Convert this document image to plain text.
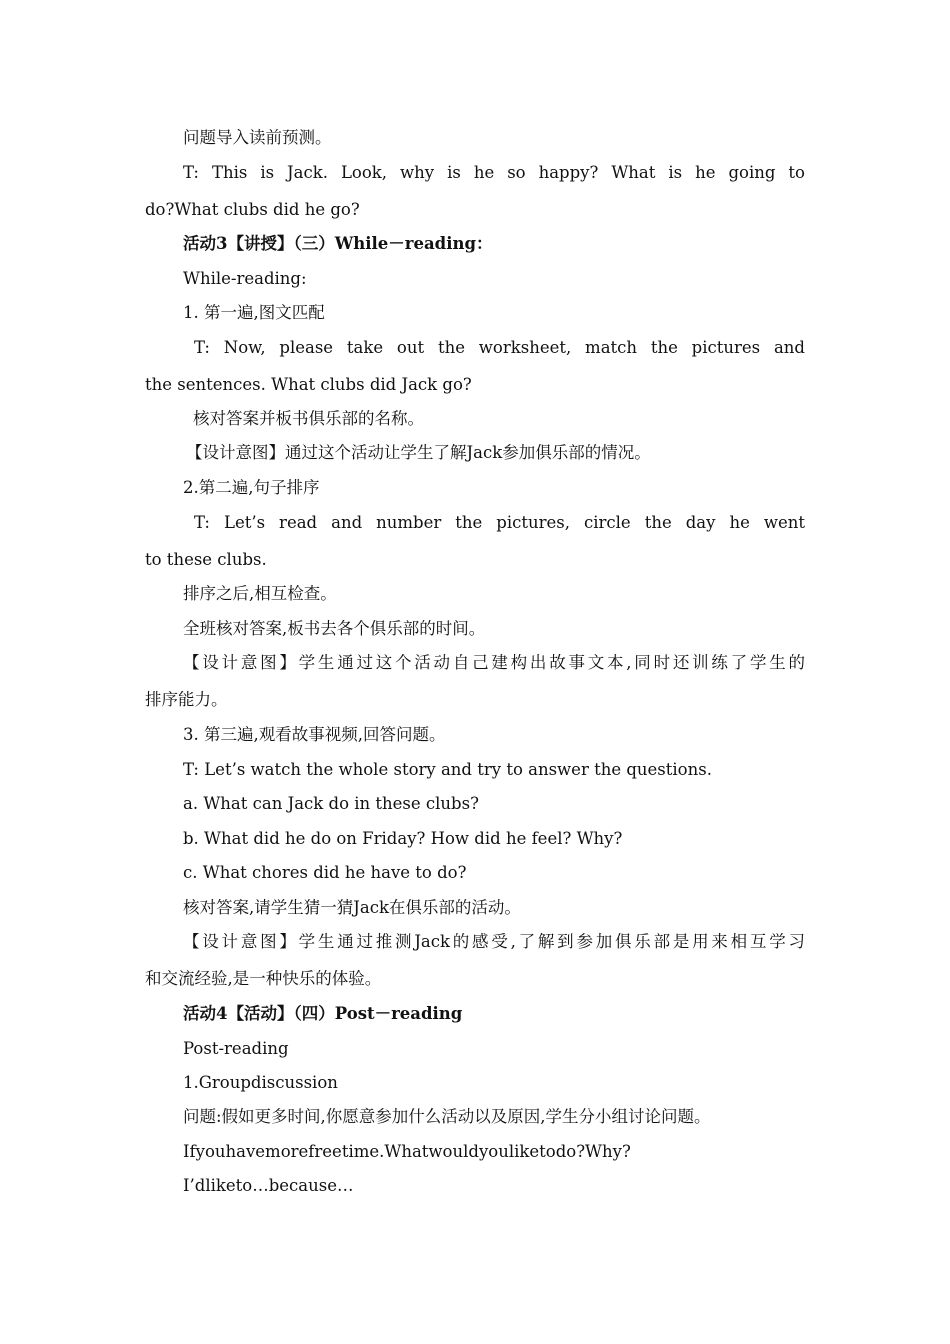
问题导入读前预测。
T: This is Jack. Look, why is he so happy? What is he going to
do?What clubs did he go?
活动3【讲授】（三）While－reading：
While-reading:
1. 第一遍,图文匹配
T: Now, please take out the worksheet, match the pictures and
the sentences. What clubs did Jack go?
核对答案并板书俱乐部的名称。
【设计意图】通过这个活动让学生了解Jack参加俱乐部的情况。
2.第二遍,句子排序
T: Let’s read and number the pictures, circle the day he went
to these clubs.
排序之后,相互检查。
全班核对答案,板书去各个俱乐部的时间。
【设计意图】学生通过这个活动自己建构出故事文本,同时还训练了学生的
排序能力。
3. 第三遍,观看故事视频,回答问题。
T: Let’s watch the whole story and try to answer the questions.
a. What can Jack do in these clubs?
b. What did he do on Friday? How did he feel? Why?
c. What chores did he have to do?
核对答案,请学生猜一猜Jack在俱乐部的活动。
【设计意图】学生通过推测Jack的感受,了解到参加俱乐部是用来相互学习
和交流经验,是一种快乐的体验。
活动4【活动】（四）Post－reading
Post-reading
1.Groupdiscussion
问题:假如更多时间,你愿意参加什么活动以及原因,学生分小组讨论问题。
Ifyouhavemorefreetime.Whatwouldyouliketodo?Why?
I’dliketo…because…
